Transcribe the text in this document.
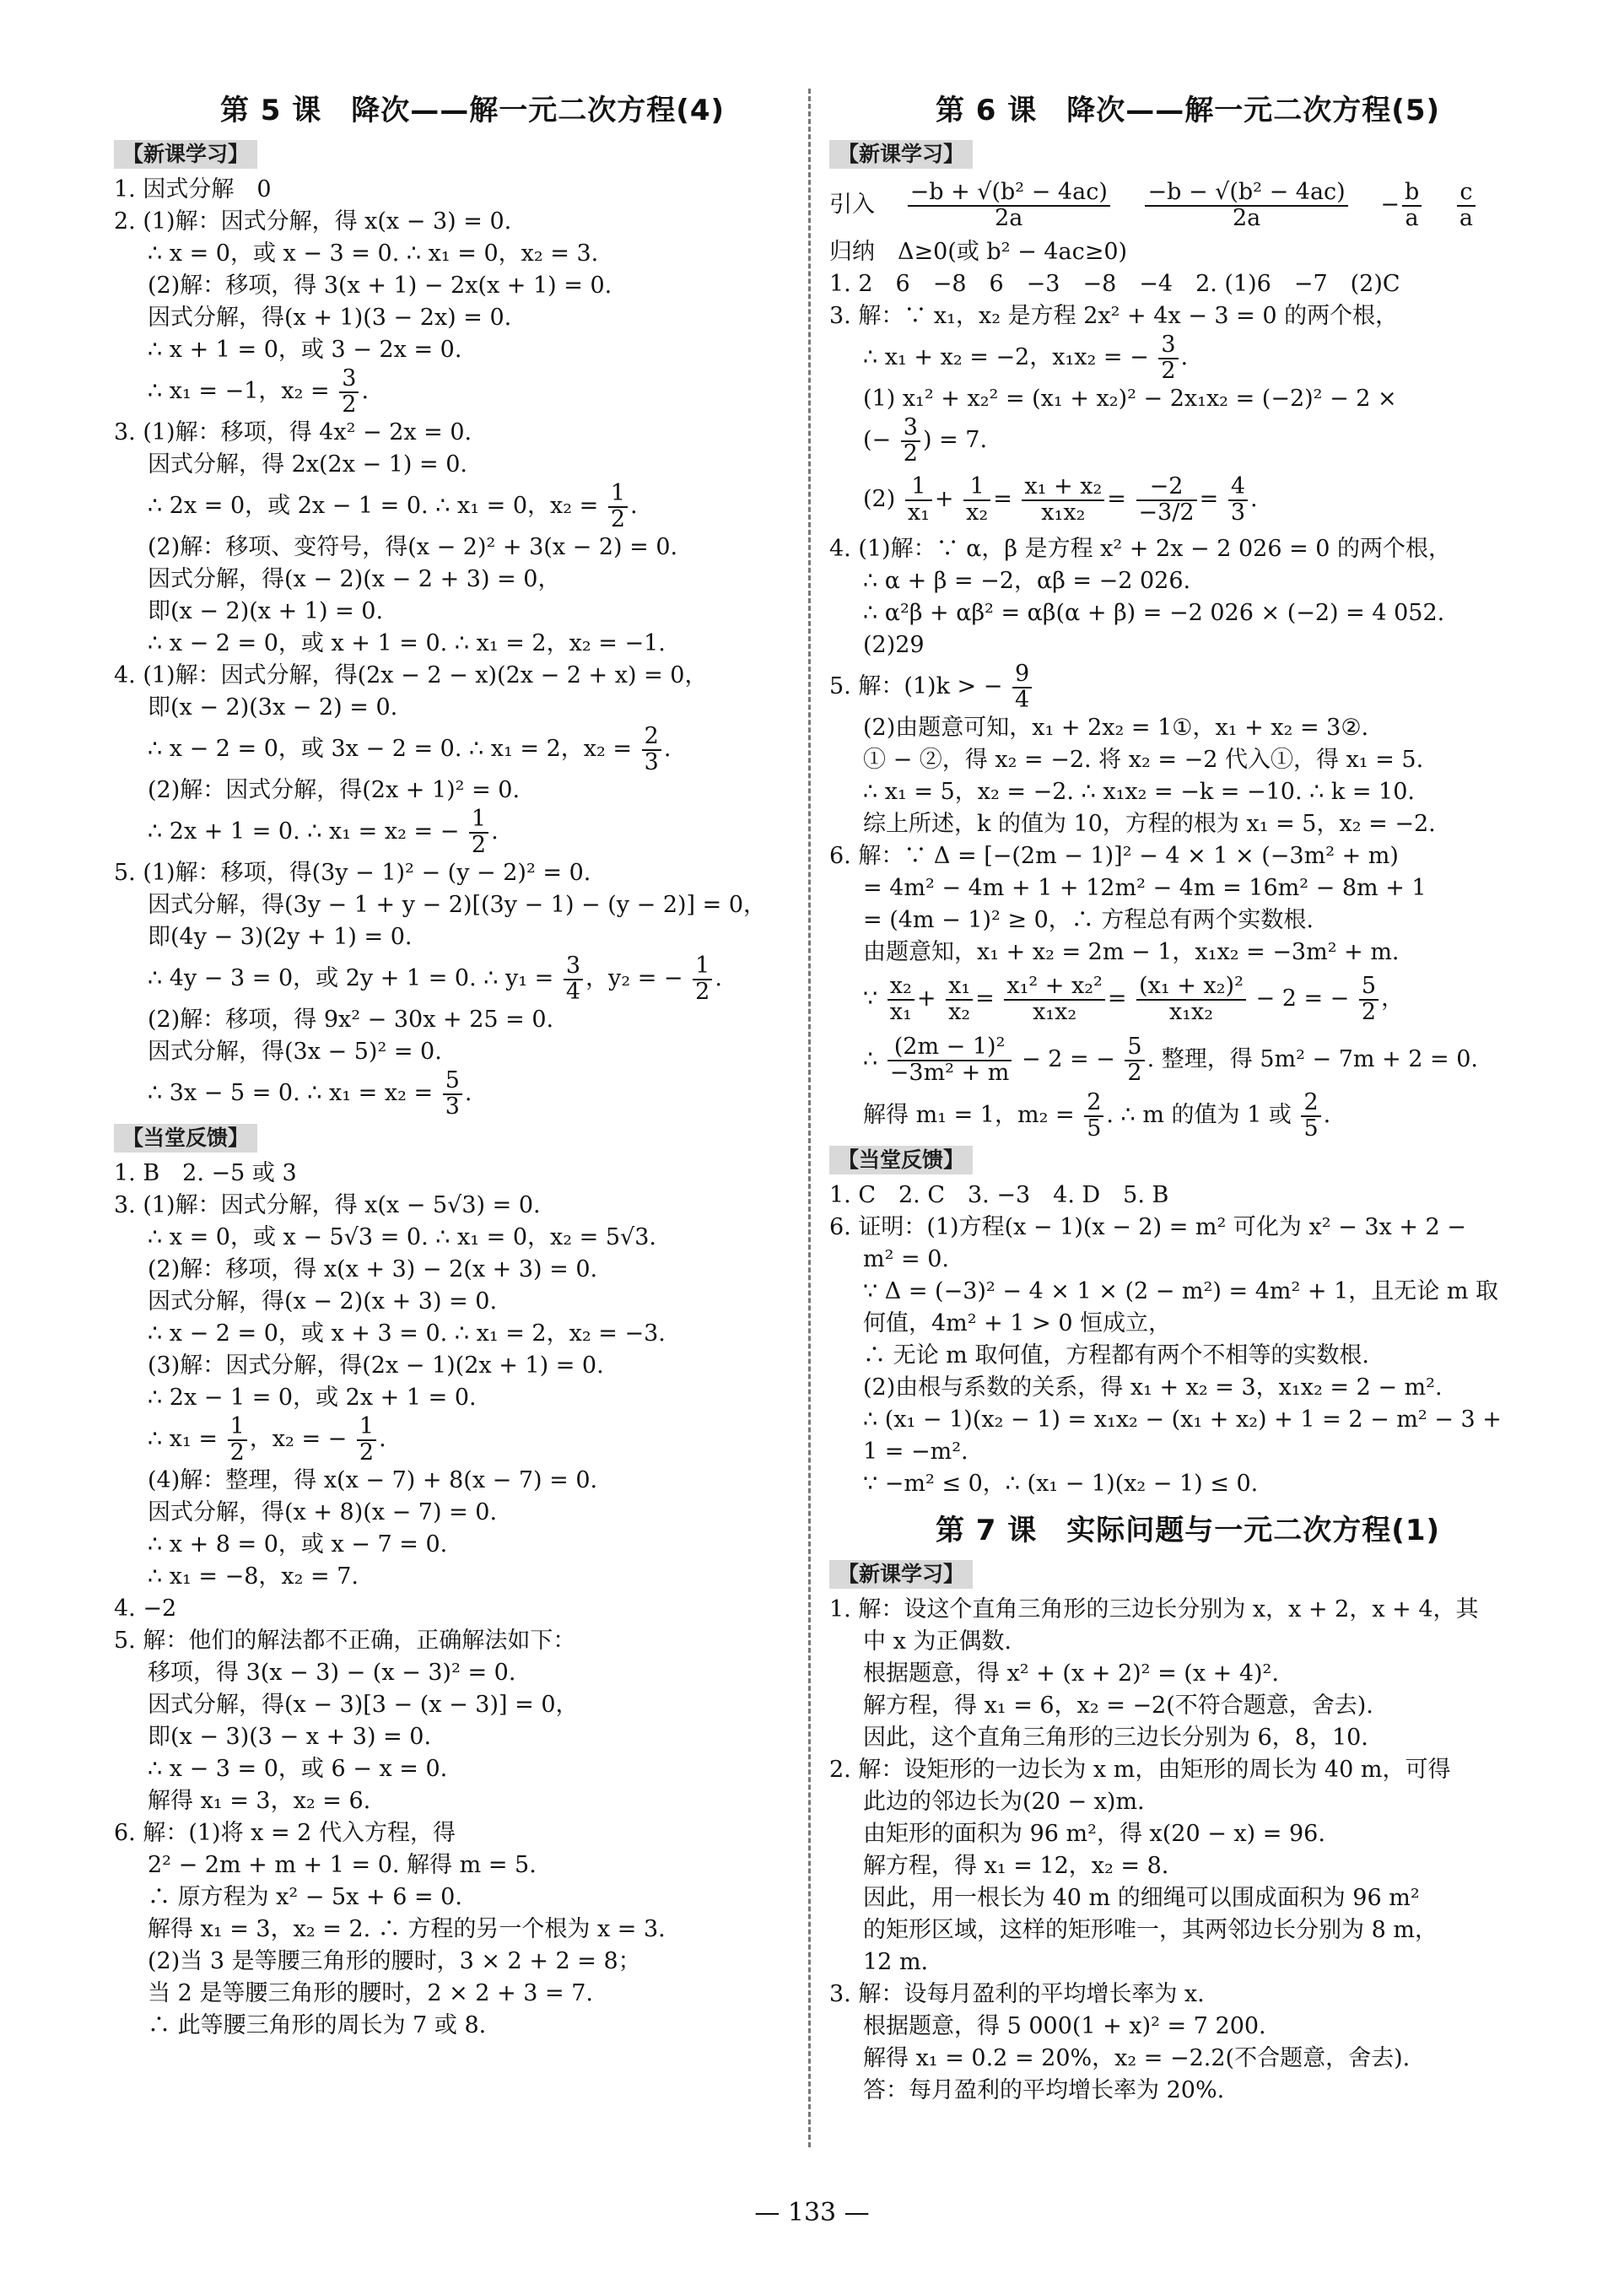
第 5 课　降次——解一元二次方程(4)
【新课学习】
1. 因式分解　0
2. (1)解：因式分解，得 x(x − 3) = 0.
∴ x = 0，或 x − 3 = 0. ∴ x₁ = 0，x₂ = 3.
(2)解：移项，得 3(x + 1) − 2x(x + 1) = 0.
因式分解，得(x + 1)(3 − 2x) = 0.
∴ x + 1 = 0，或 3 − 2x = 0.
∴ x₁ = −1，$x_2 = \frac{3}{2}$ .
3. (1)解：移项，得 4x² − 2x = 0.
因式分解，得 2x(2x − 1) = 0.
∴ 2x = 0，或 2x − 1 = 0. ∴ x₁ = 0，$x_2 = \frac{1}{2}$ .
(2)解：移项、变符号，得(x − 2)² + 3(x − 2) = 0.
因式分解，得(x − 2)(x − 2 + 3) = 0，
即(x − 2)(x + 1) = 0.
∴ x − 2 = 0，或 x + 1 = 0. ∴ x₁ = 2，x₂ = −1.
4. (1)解：因式分解，得(2x − 2 − x)(2x − 2 + x) = 0，
即(x − 2)(3x − 2) = 0.
∴ x − 2 = 0，或 3x − 2 = 0. ∴ x₁ = 2，$x_2 = \frac{2}{3}$ .
(2)解：因式分解，得(2x + 1)² = 0.
∴ 2x + 1 = 0. ∴ x₁ = x₂ = − $\frac{1}{2}$ .
5. (1)解：移项，得(3y − 1)² − (y − 2)² = 0.
因式分解，得(3y − 1 + y − 2)[(3y − 1) − (y − 2)] = 0，
即(4y − 3)(2y + 1) = 0.
∴ 4y − 3 = 0，或 2y + 1 = 0. ∴ $y_1 = \frac{3}{4}$ ，y₂ = − $\frac{1}{2}$ .
(2)解：移项，得 9x² − 30x + 25 = 0.
因式分解，得(3x − 5)² = 0.
∴ 3x − 5 = 0. ∴ $x_1 = x_2 = \frac{5}{3}$ .
【当堂反馈】
1. B　2. −5 或 3
3. (1)解：因式分解，得 x(x − 5√3) = 0.
∴ x = 0，或 x − 5√3 = 0. ∴ x₁ = 0，x₂ = 5√3.
(2)解：移项，得 x(x + 3) − 2(x + 3) = 0.
因式分解，得(x − 2)(x + 3) = 0.
∴ x − 2 = 0，或 x + 3 = 0. ∴ x₁ = 2，x₂ = −3.
(3)解：因式分解，得(2x − 1)(2x + 1) = 0.
∴ 2x − 1 = 0，或 2x + 1 = 0.
∴ $x_1 = \frac{1}{2}$ ，x₂ = − $\frac{1}{2}$ .
(4)解：整理，得 x(x − 7) + 8(x − 7) = 0.
因式分解，得(x + 8)(x − 7) = 0.
∴ x + 8 = 0，或 x − 7 = 0.
∴ x₁ = −8，x₂ = 7.
4. −2
5. 解：他们的解法都不正确，正确解法如下：
移项，得 3(x − 3) − (x − 3)² = 0.
因式分解，得(x − 3)[3 − (x − 3)] = 0，
即(x − 3)(3 − x + 3) = 0.
∴ x − 3 = 0，或 6 − x = 0.
解得 x₁ = 3，x₂ = 6.
6. 解：(1)将 x = 2 代入方程，得
2² − 2m + m + 1 = 0. 解得 m = 5.
∴ 原方程为 x² − 5x + 6 = 0.
解得 x₁ = 3，x₂ = 2. ∴ 方程的另一个根为 x = 3.
(2)当 3 是等腰三角形的腰时，3 × 2 + 2 = 8；
当 2 是等腰三角形的腰时，2 × 2 + 3 = 7.
∴ 此等腰三角形的周长为 7 或 8.
第 6 课　降次——解一元二次方程(5)
【新课学习】
引入　 $\frac{\text{−b + √(b² − 4ac)}}{2a}$
　 $\frac{\text{−b − √(b² − 4ac)}}{2a}$
　 − $\frac{b}{a}$
　 $\frac{c}{a}$
归纳　Δ≥0(或 b² − 4ac≥0)
1. 2　6　−8　6　−3　−8　−4　2. (1)6　−7　(2)C
3. 解：∵ x₁，x₂ 是方程 2x² + 4x − 3 = 0 的两个根，
∴ x₁ + x₂ = −2，x₁x₂ = − $\frac{3}{2}$ .
(1) x₁² + x₂² = (x₁ + x₂)² − 2x₁x₂ = (−2)² − 2 ×
(− $\frac{3}{2}$ ) = 7.
$(2) \frac{1}{\text{x₁}} + \frac{1}{\text{x₂}} = \frac{\text{x₁ + x₂}}{\text{x₁x₂}} = \frac{-2}{-3/2} = \frac{4}{3}$ .
4. (1)解：∵ α，β 是方程 x² + 2x − 2 026 = 0 的两个根，
∴ α + β = −2，αβ = −2 026.
∴ α²β + αβ² = αβ(α + β) = −2 026 × (−2) = 4 052.
(2)29
5. 解：(1)k > − $\frac{9}{4}$
(2)由题意可知，x₁ + 2x₂ = 1①，x₁ + x₂ = 3②.
① − ②，得 x₂ = −2. 将 x₂ = −2 代入①，得 x₁ = 5.
∴ x₁ = 5，x₂ = −2. ∴ x₁x₂ = −k = −10. ∴ k = 10.
综上所述，k 的值为 10，方程的根为 x₁ = 5，x₂ = −2.
6. 解：∵ Δ = [−(2m − 1)]² − 4 × 1 × (−3m² + m)
= 4m² − 4m + 1 + 12m² − 4m = 16m² − 8m + 1
= (4m − 1)² ≥ 0，∴ 方程总有两个实数根.
由题意知，x₁ + x₂ = 2m − 1，x₁x₂ = −3m² + m.
∵ $\frac{\text{x₂}}{\text{x₁}} + \frac{\text{x₁}}{\text{x₂}} = \frac{\text{x₁² + x₂²}}{\text{x₁x₂}} = \frac{\text{(x₁ + x₂)²}}{\text{x₁x₂}} - 2$ = − $\frac{5}{2}$ ，
∴ $\frac{\text{(2m − 1)²}}{\text{−3m² + m}} - 2$ = − $\frac{5}{2}$ . 整理，得 5m² − 7m + 2 = 0.
解得 m₁ = 1，$m_2 = \frac{2}{5}$ . ∴ m 的值为 1 或 $\frac{2}{5}$ .
【当堂反馈】
1. C　2. C　3. −3　4. D　5. B
6. 证明：(1)方程(x − 1)(x − 2) = m² 可化为 x² − 3x + 2 −
m² = 0.
∵ Δ = (−3)² − 4 × 1 × (2 − m²) = 4m² + 1，且无论 m 取
何值，4m² + 1 > 0 恒成立，
∴ 无论 m 取何值，方程都有两个不相等的实数根.
(2)由根与系数的关系，得 x₁ + x₂ = 3，x₁x₂ = 2 − m².
∴ (x₁ − 1)(x₂ − 1) = x₁x₂ − (x₁ + x₂) + 1 = 2 − m² − 3 +
1 = −m².
∵ −m² ≤ 0，∴ (x₁ − 1)(x₂ − 1) ≤ 0.
第 7 课　实际问题与一元二次方程(1)
【新课学习】
1. 解：设这个直角三角形的三边长分别为 x，x + 2，x + 4，其
中 x 为正偶数.
根据题意，得 x² + (x + 2)² = (x + 4)².
解方程，得 x₁ = 6，x₂ = −2(不符合题意，舍去).
因此，这个直角三角形的三边长分别为 6，8，10.
2. 解：设矩形的一边长为 x m，由矩形的周长为 40 m，可得
此边的邻边长为(20 − x)m.
由矩形的面积为 96 m²，得 x(20 − x) = 96.
解方程，得 x₁ = 12，x₂ = 8.
因此，用一根长为 40 m 的细绳可以围成面积为 96 m²
的矩形区域，这样的矩形唯一，其两邻边长分别为 8 m，
12 m.
3. 解：设每月盈利的平均增长率为 x.
根据题意，得 5 000(1 + x)² = 7 200.
解得 x₁ = 0.2 = 20%，x₂ = −2.2(不合题意，舍去).
答：每月盈利的平均增长率为 20%.
— 133 —
